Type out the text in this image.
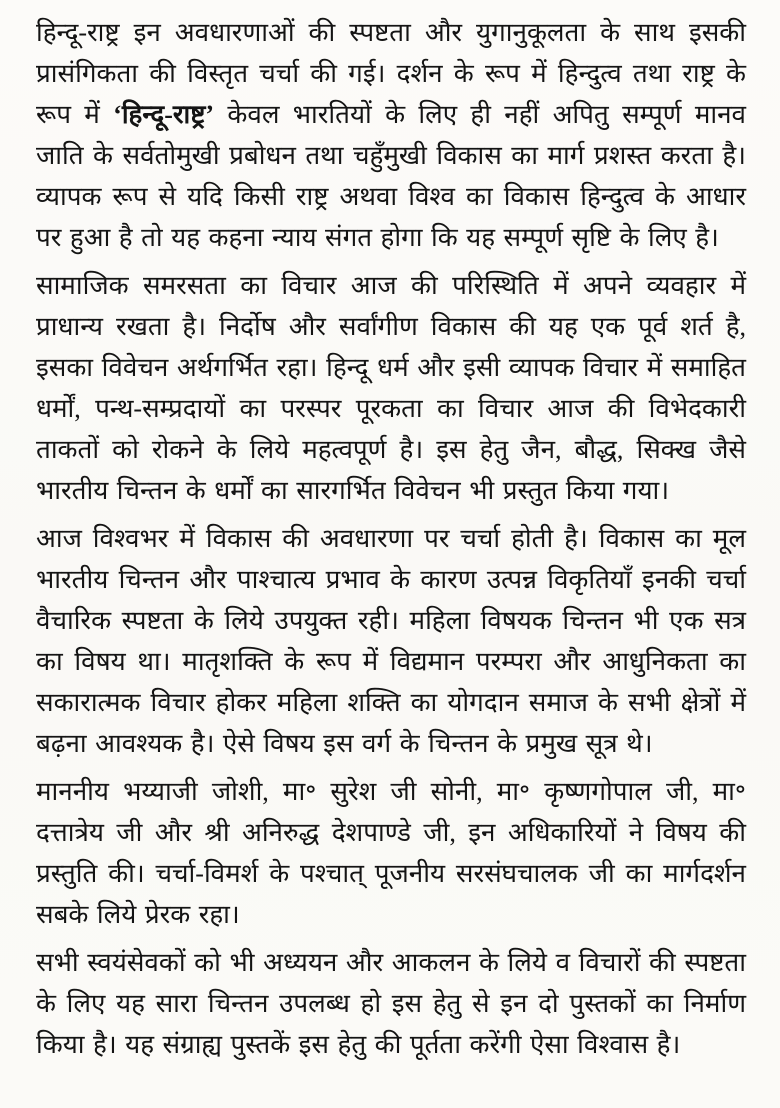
हिन्दू-राष्ट्र इन अवधारणाओं की स्पष्टता और युगानुकूलता के साथ इसकी प्रासंगिकता की विस्तृत चर्चा की गई। दर्शन के रूप में हिन्दुत्व तथा राष्ट्र के रूप में ‘हिन्दू-राष्ट्र’ केवल भारतियों के लिए ही नहीं अपितु सम्पूर्ण मानव जाति के सर्वतोमुखी प्रबोधन तथा चहुँमुखी विकास का मार्ग प्रशस्त करता है। व्यापक रूप से यदि किसी राष्ट्र अथवा विश्व का विकास हिन्दुत्व के आधार पर हुआ है तो यह कहना न्याय संगत होगा कि यह सम्पूर्ण सृष्टि के लिए है।

सामाजिक समरसता का विचार आज की परिस्थिति में अपने व्यवहार में प्राधान्य रखता है। निर्दोष और सर्वांगीण विकास की यह एक पूर्व शर्त है, इसका विवेचन अर्थगर्भित रहा। हिन्दू धर्म और इसी व्यापक विचार में समाहित धर्मों, पन्थ-सम्प्रदायों का परस्पर पूरकता का विचार आज की विभेदकारी ताकतों को रोकने के लिये महत्वपूर्ण है। इस हेतु जैन, बौद्ध, सिक्ख जैसे भारतीय चिन्तन के धर्मों का सारगर्भित विवेचन भी प्रस्तुत किया गया।

आज विश्वभर में विकास की अवधारणा पर चर्चा होती है। विकास का मूल भारतीय चिन्तन और पाश्चात्य प्रभाव के कारण उत्पन्न विकृतियाँ इनकी चर्चा वैचारिक स्पष्टता के लिये उपयुक्त रही। महिला विषयक चिन्तन भी एक सत्र का विषय था। मातृशक्ति के रूप में विद्यमान परम्परा और आधुनिकता का सकारात्मक विचार होकर महिला शक्ति का योगदान समाज के सभी क्षेत्रों में बढ़ना आवश्यक है। ऐसे विषय इस वर्ग के चिन्तन के प्रमुख सूत्र थे।

माननीय भय्याजी जोशी, मा॰ सुरेश जी सोनी, मा॰ कृष्णगोपाल जी, मा॰ दत्तात्रेय जी और श्री अनिरुद्ध देशपाण्डे जी, इन अधिकारियों ने विषय की प्रस्तुति की। चर्चा-विमर्श के पश्चात् पूजनीय सरसंघचालक जी का मार्गदर्शन सबके लिये प्रेरक रहा।

सभी स्वयंसेवकों को भी अध्ययन और आकलन के लिये व विचारों की स्पष्टता के लिए यह सारा चिन्तन उपलब्ध हो इस हेतु से इन दो पुस्तकों का निर्माण किया है। यह संग्राह्य पुस्तकें इस हेतु की पूर्तता करेंगी ऐसा विश्वास है।
